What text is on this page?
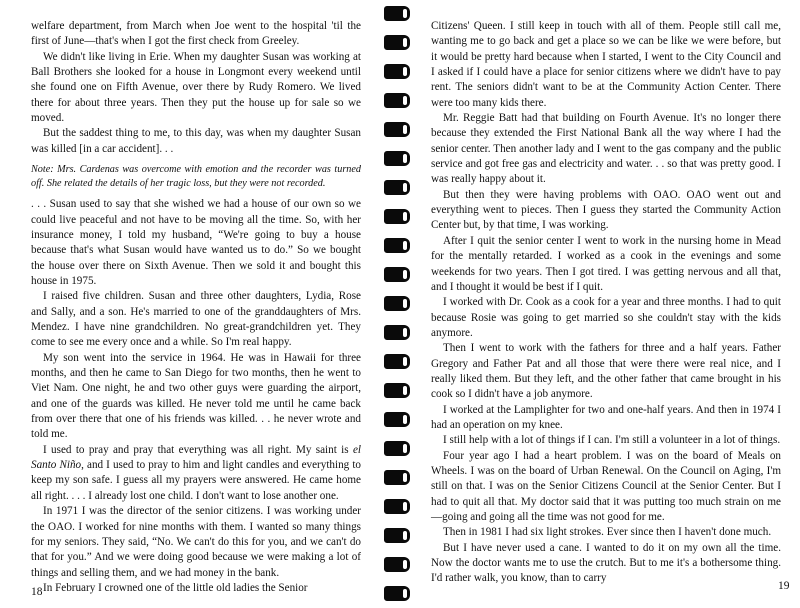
welfare department, from March when Joe went to the hospital 'til the first of June—that's when I got the first check from Greeley.

We didn't like living in Erie. When my daughter Susan was working at Ball Brothers she looked for a house in Longmont every weekend until she found one on Fifth Avenue, over there by Rudy Romero. We lived there for about three years. Then they put the house up for sale so we moved.

But the saddest thing to me, to this day, was when my daughter Susan was killed [in a car accident]. . .

Note: Mrs. Cardenas was overcome with emotion and the recorder was turned off. She related the details of her tragic loss, but they were not recorded.

. . . Susan used to say that she wished we had a house of our own so we could live peaceful and not have to be moving all the time. So, with her insurance money, I told my husband, “We're going to buy a house because that's what Susan would have wanted us to do.” So we bought the house over there on Sixth Avenue. Then we sold it and bought this house in 1975.

I raised five children. Susan and three other daughters, Lydia, Rose and Sally, and a son. He's married to one of the granddaughters of Mrs. Mendez. I have nine grandchildren. No great-grandchildren yet. They come to see me every once and a while. So I'm real happy.

My son went into the service in 1964. He was in Hawaii for three months, and then he came to San Diego for two months, then he went to Viet Nam. One night, he and two other guys were guarding the airport, and one of the guards was killed. He never told me until he came back from over there that one of his friends was killed. . . he never wrote and told me.

I used to pray and pray that everything was all right. My saint is el Santo Niño, and I used to pray to him and light candles and everything to keep my son safe. I guess all my prayers were answered. He came home all right. . . . I already lost one child. I don't want to lose another one.

In 1971 I was the director of the senior citizens. I was working under the OAO. I worked for nine months with them. I wanted so many things for my seniors. They said, “No. We can't do this for you, and we can't do that for you.” And we were doing good because we were making a lot of things and selling them, and we had money in the bank.

In February I crowned one of the little old ladies the Senior

18

Citizens' Queen. I still keep in touch with all of them. People still call me, wanting me to go back and get a place so we can be like we were before, but it would be pretty hard because when I started, I went to the City Council and I asked if I could have a place for senior citizens where we didn't have to pay rent. The seniors didn't want to be at the Community Action Center. There were too many kids there.

Mr. Reggie Batt had that building on Fourth Avenue. It's no longer there because they extended the First National Bank all the way where I had the senior center. Then another lady and I went to the gas company and the public service and got free gas and electricity and water. . . so that was pretty good. I was really happy about it.

But then they were having problems with OAO. OAO went out and everything went to pieces. Then I guess they started the Community Action Center but, by that time, I was working.

After I quit the senior center I went to work in the nursing home in Mead for the mentally retarded. I worked as a cook in the evenings and some weekends for two years. Then I got tired. I was getting nervous and all that, and I thought it would be best if I quit.

I worked with Dr. Cook as a cook for a year and three months. I had to quit because Rosie was going to get married so she couldn't stay with the kids anymore.

Then I went to work with the fathers for three and a half years. Father Gregory and Father Pat and all those that were there were real nice, and I really liked them. But they left, and the other father that came brought in his cook so I didn't have a job anymore.

I worked at the Lamplighter for two and one-half years. And then in 1974 I had an operation on my knee.

I still help with a lot of things if I can. I'm still a volunteer in a lot of things.

Four year ago I had a heart problem. I was on the board of Meals on Wheels. I was on the board of Urban Renewal. On the Council on Aging, I'm still on that. I was on the Senior Citizens Council at the Senior Center. But I had to quit all that. My doctor said that it was putting too much strain on me—going and going all the time was not good for me.

Then in 1981 I had six light strokes. Ever since then I haven't done much.

But I have never used a cane. I wanted to do it on my own all the time. Now the doctor wants me to use the crutch. But to me it's a bothersome thing. I'd rather walk, you know, than to carry

19
